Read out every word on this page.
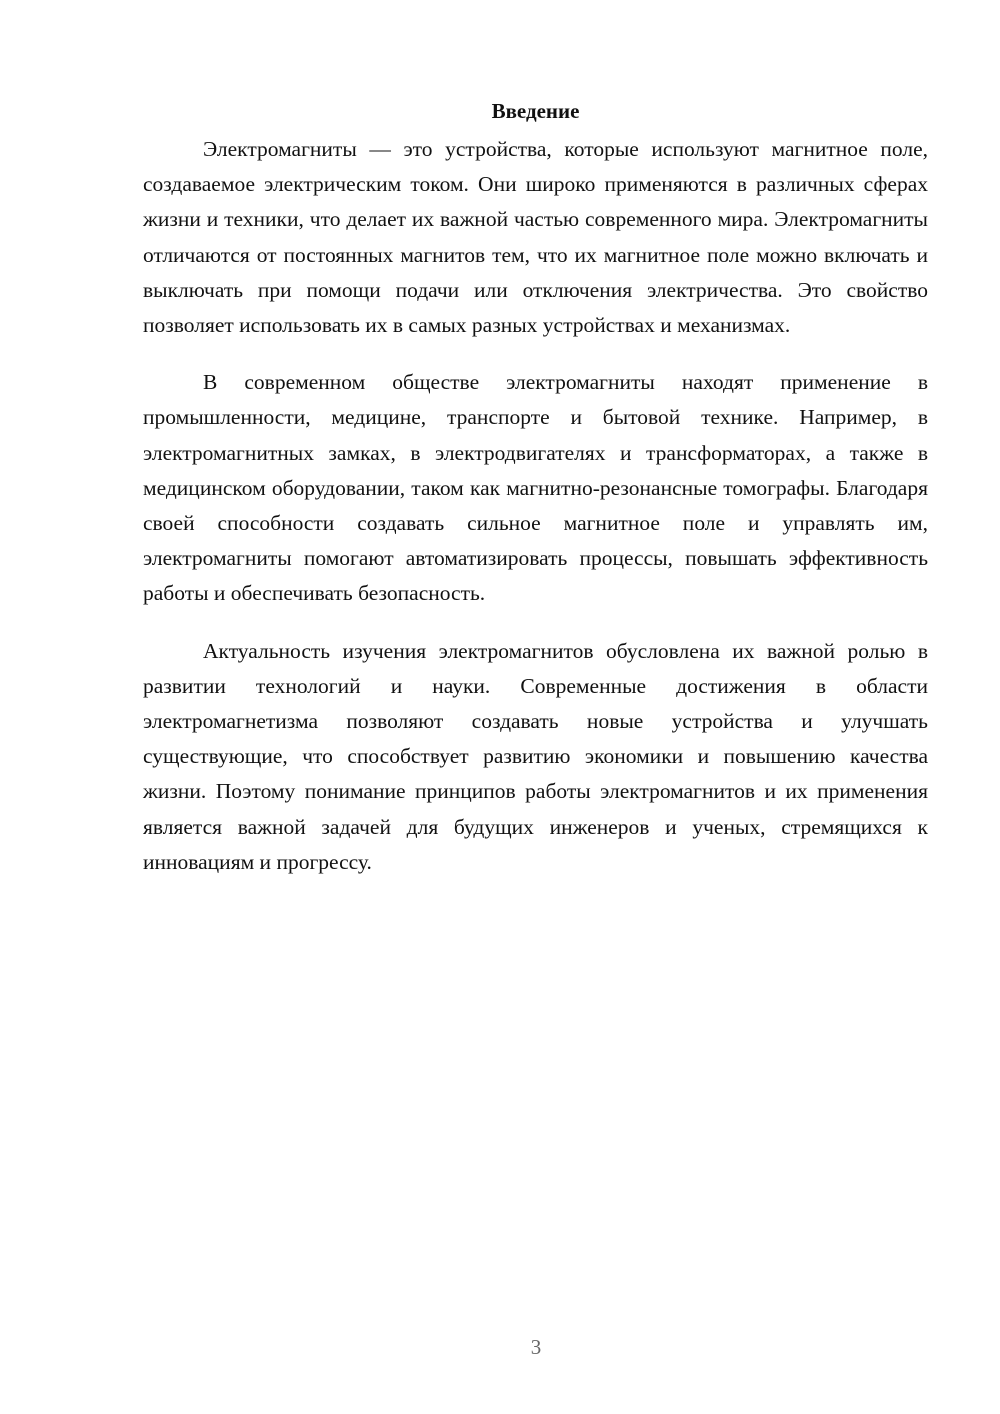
Введение

Электромагниты — это устройства, которые используют магнитное поле, создаваемое электрическим током. Они широко применяются в различных сферах жизни и техники, что делает их важной частью современного мира. Электромагниты отличаются от постоянных магнитов тем, что их магнитное поле можно включать и выключать при помощи подачи или отключения электричества. Это свойство позволяет использовать их в самых разных устройствах и механизмах.

В современном обществе электромагниты находят применение в промышленности, медицине, транспорте и бытовой технике. Например, в электромагнитных замках, в электродвигателях и трансформаторах, а также в медицинском оборудовании, таком как магнитно-резонансные томографы. Благодаря своей способности создавать сильное магнитное поле и управлять им, электромагниты помогают автоматизировать процессы, повышать эффективность работы и обеспечивать безопасность.

Актуальность изучения электромагнитов обусловлена их важной ролью в развитии технологий и науки. Современные достижения в области электромагнетизма позволяют создавать новые устройства и улучшать существующие, что способствует развитию экономики и повышению качества жизни. Поэтому понимание принципов работы электромагнитов и их применения является важной задачей для будущих инженеров и ученых, стремящихся к инновациям и прогрессу.

3
